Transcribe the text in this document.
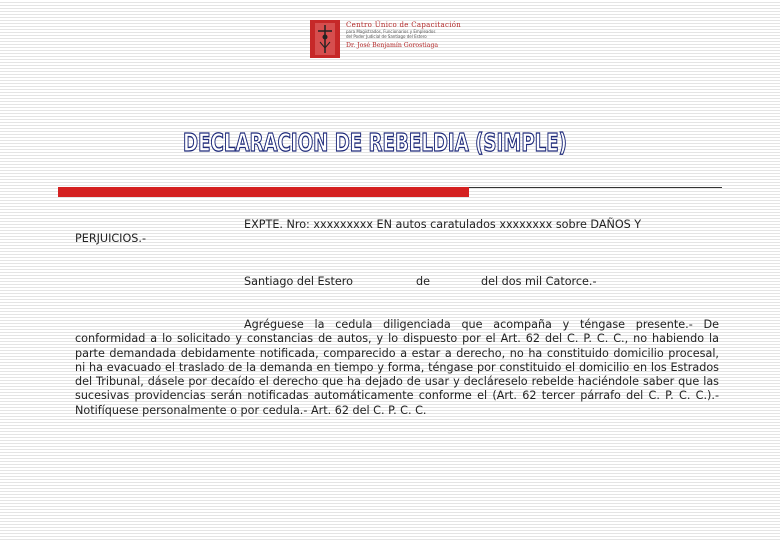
Centro Único de Capacitación
para Magistrados, Funcionarios y Empleados
del Poder Judicial de Santiago del Estero
Dr. José Benjamín Gorostiaga
DECLARACION DE REBELDIA (SIMPLE)
EXPTE. Nro: xxxxxxxxx EN autos caratulados xxxxxxxx sobre DAÑOS Y
PERJUICIOS.-
Santiago del Estero	de	del dos mil Catorce.-
Agréguese la cedula diligenciada que acompaña y téngase presente.- De conformidad a lo solicitado y constancias de autos, y lo dispuesto por el Art. 62 del C. P. C. C., no habiendo la parte demandada debidamente notificada, comparecido a estar a derecho, no ha constituido domicilio procesal, ni ha evacuado el traslado de la demanda en tiempo y forma, téngase por constituido el domicilio en los Estrados del Tribunal, dásele por decaído el derecho que ha dejado de usar y decláreselo rebelde haciéndole saber que las sucesivas providencias serán notificadas automáticamente conforme el (Art. 62 tercer párrafo del C. P. C. C.).- Notifíquese personalmente o por cedula.- Art. 62 del C. P. C. C.
